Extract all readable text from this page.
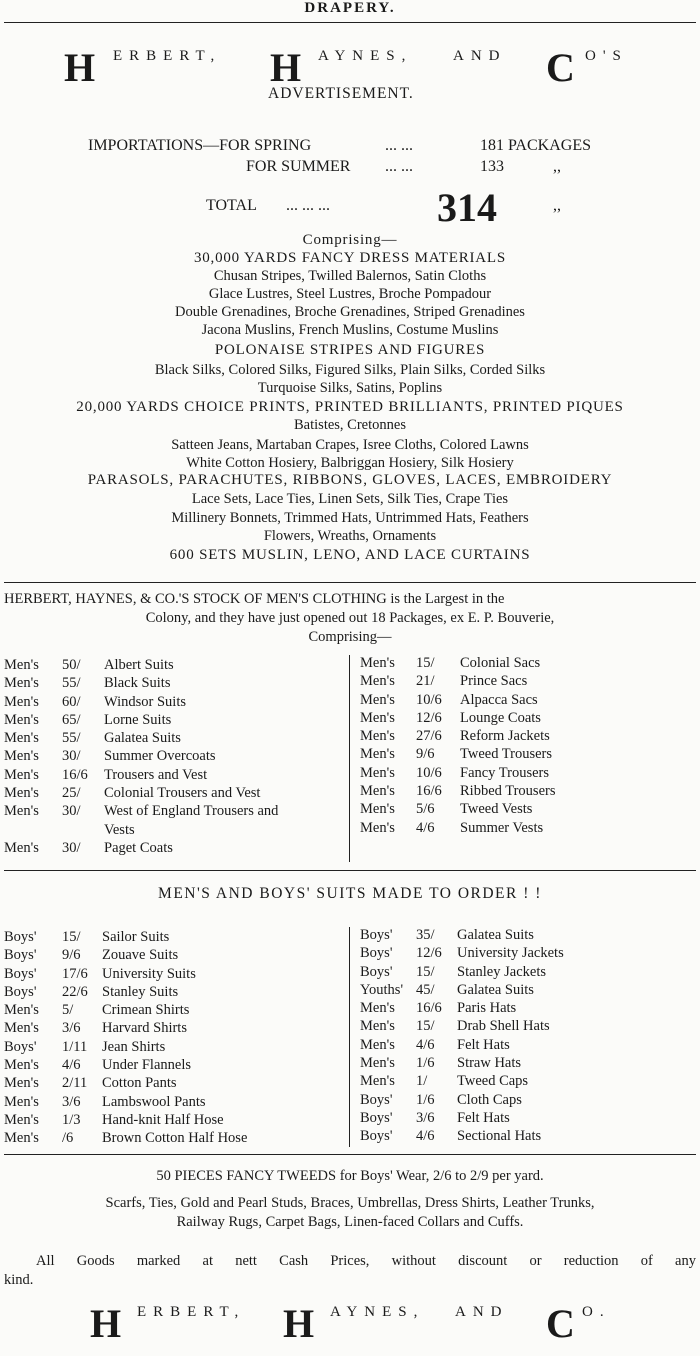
DRAPERY.
H ERBERT, H AYNES,	AND C O'S
ADVERTISEMENT.
IMPORTATIONS—FOR SPRING	... ...	181 PACKAGES
FOR SUMMER ... ...	133	,,
TOTAL ... ... ...	314	,,
Comprising—
30,000 YARDS FANCY DRESS MATERIALS
Chusan Stripes, Twilled Balernos, Satin Cloths
Glace Lustres, Steel Lustres, Broche Pompadour
Double Grenadines, Broche Grenadines, Striped Grenadines
Jacona Muslins, French Muslins, Costume Muslins
POLONAISE STRIPES AND FIGURES
Black Silks, Colored Silks, Figured Silks, Plain Silks, Corded Silks
Turquoise Silks, Satins, Poplins
20,000 YARDS CHOICE PRINTS, PRINTED BRILLIANTS, PRINTED PIQUES
Batistes, Cretonnes
Satteen Jeans, Martaban Crapes, Isree Cloths, Colored Lawns
White Cotton Hosiery, Balbriggan Hosiery, Silk Hosiery
PARASOLS, PARACHUTES, RIBBONS, GLOVES, LACES, EMBROIDERY
Lace Sets, Lace Ties, Linen Sets, Silk Ties, Crape Ties
Millinery Bonnets, Trimmed Hats, Untrimmed Hats, Feathers
Flowers, Wreaths, Ornaments
600 SETS MUSLIN, LENO, AND LACE CURTAINS
HERBERT, HAYNES, & CO.'S STOCK OF MEN'S CLOTHING is the Largest in the
Colony, and they have just opened out 18 Packages, ex E. P. Bouverie,
Comprising—
Men's 50/ Albert Suits
Men's 55/ Black Suits
Men's 60/ Windsor Suits
Men's 65/ Lorne Suits
Men's 55/ Galatea Suits
Men's 30/ Summer Overcoats
Men's 16/6 Trousers and Vest
Men's 25/ Colonial Trousers and Vest
Men's 30/ West of England Trousers and
Vests
Men's 30/ Paget Coats
Men's 15/ Colonial Sacs
Men's 21/ Prince Sacs
Men's 10/6 Alpacca Sacs
Men's 12/6 Lounge Coats
Men's 27/6 Reform Jackets
Men's 9/6 Tweed Trousers
Men's 10/6 Fancy Trousers
Men's 16/6 Ribbed Trousers
Men's 5/6 Tweed Vests
Men's 4/6 Summer Vests
MEN'S AND BOYS' SUITS MADE TO ORDER ! !
Boys' 15/ Sailor Suits
Boys' 9/6 Zouave Suits
Boys' 17/6 University Suits
Boys' 22/6 Stanley Suits
Men's 5/ Crimean Shirts
Men's 3/6 Harvard Shirts
Boys' 1/11 Jean Shirts
Men's 4/6 Under Flannels
Men's 2/11 Cotton Pants
Men's 3/6 Lambswool Pants
Men's 1/3 Hand-knit Half Hose
Men's /6 Brown Cotton Half Hose
Boys' 35/ Galatea Suits
Boys' 12/6 University Jackets
Boys' 15/ Stanley Jackets
Youths' 45/ Galatea Suits
Men's 16/6 Paris Hats
Men's 15/ Drab Shell Hats
Men's 4/6 Felt Hats
Men's 1/6 Straw Hats
Men's 1/ Tweed Caps
Boys' 1/6 Cloth Caps
Boys' 3/6 Felt Hats
Boys' 4/6 Sectional Hats
50 PIECES FANCY TWEEDS for Boys' Wear, 2/6 to 2/9 per yard.
Scarfs, Ties, Gold and Pearl Studs, Braces, Umbrellas, Dress Shirts, Leather Trunks,
Railway Rugs, Carpet Bags, Linen-faced Collars and Cuffs.
All Goods marked at nett Cash Prices, without discount or reduction of any
kind.
H ERBERT, H AYNES, AND C O.
